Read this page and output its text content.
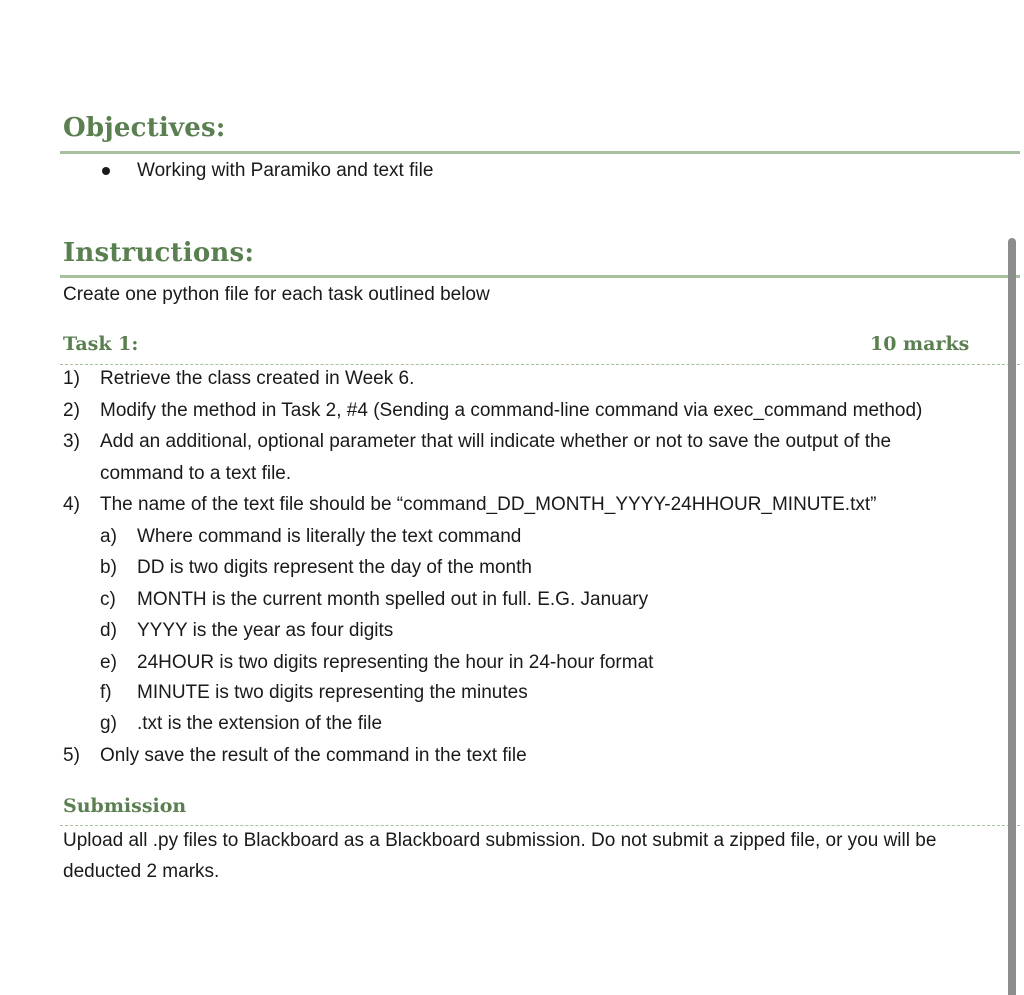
Objectives:
Working with Paramiko and text file
Instructions:
Create one python file for each task outlined below
Task 1:	10 marks
1) Retrieve the class created in Week 6.
2) Modify the method in Task 2, #4 (Sending a command-line command via exec_command method)
3) Add an additional, optional parameter that will indicate whether or not to save the output of the
command to a text file.
4) The name of the text file should be “command_DD_MONTH_YYYY-24HHOUR_MINUTE.txt”
a) Where command is literally the text command
b) DD is two digits represent the day of the month
c) MONTH is the current month spelled out in full. E.G. January
d) YYYY is the year as four digits
e) 24HOUR is two digits representing the hour in 24-hour format
f) MINUTE is two digits representing the minutes
g) .txt is the extension of the file
5) Only save the result of the command in the text file
Submission
Upload all .py files to Blackboard as a Blackboard submission. Do not submit a zipped file, or you will be
deducted 2 marks.
